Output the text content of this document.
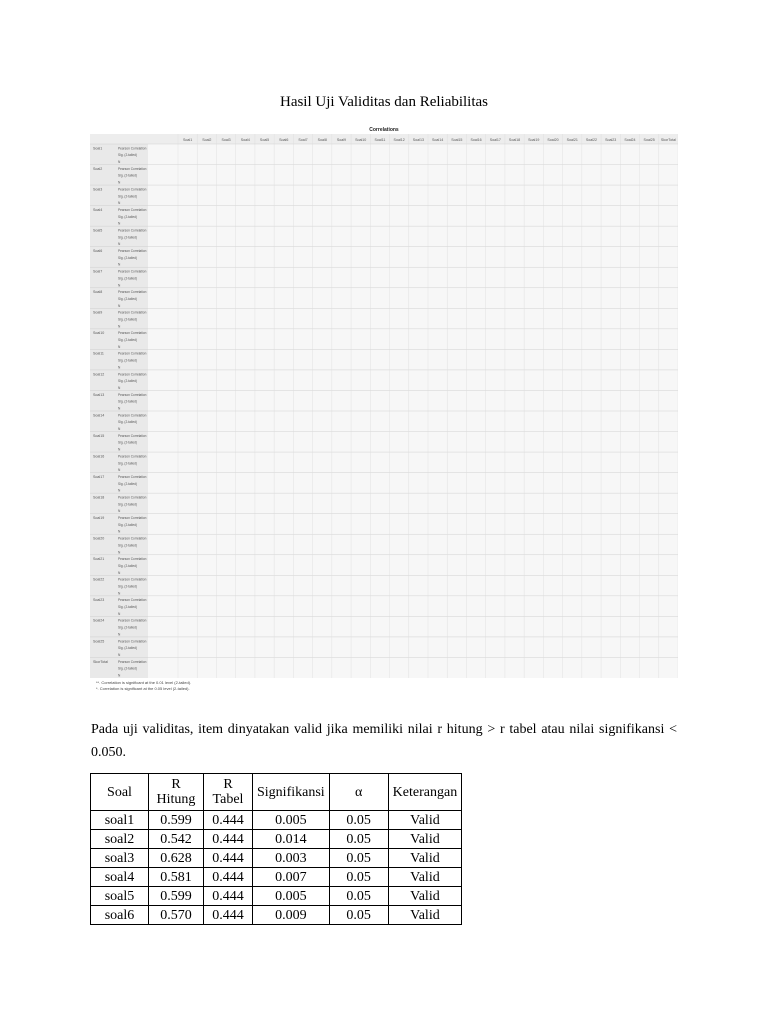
Hasil Uji Validitas dan Reliabilitas
Correlations
Soal1	Soal2	Soal3	Soal4	Soal5	Soal6	Soal7	Soal8	Soal9	Soal10 Soal11 Soal12 Soal13 Soal14 Soal15 Soal16 Soal17 Soal18 Soal19 Soal20 Soal21 Soal22 Soal23 Soal24 Soal25 SkorTotal
Soal1	Pearson Correlation
Sig. (2-tailed)
N
Soal2	Pearson Correlation
Sig. (2-tailed)
N
Soal3	Pearson Correlation
Sig. (2-tailed)
N
Soal4	Pearson Correlation
Sig. (2-tailed)
N
Soal5	Pearson Correlation
Sig. (2-tailed)
N
Soal6	Pearson Correlation
Sig. (2-tailed)
N
Soal7	Pearson Correlation
Sig. (2-tailed)
N
Soal8	Pearson Correlation
Sig. (2-tailed)
N
Soal9	Pearson Correlation
Sig. (2-tailed)
N
Soal10	Pearson Correlation
Sig. (2-tailed)
N
Soal11	Pearson Correlation
Sig. (2-tailed)
N
Soal12	Pearson Correlation
Sig. (2-tailed)
N
Soal13	Pearson Correlation
Sig. (2-tailed)
N
Soal14	Pearson Correlation
Sig. (2-tailed)
N
Soal15	Pearson Correlation
Sig. (2-tailed)
N
Soal16	Pearson Correlation
Sig. (2-tailed)
N
Soal17	Pearson Correlation
Sig. (2-tailed)
N
Soal18	Pearson Correlation
Sig. (2-tailed)
N
Soal19	Pearson Correlation
Sig. (2-tailed)
N
Soal20	Pearson Correlation
Sig. (2-tailed)
N
Soal21	Pearson Correlation
Sig. (2-tailed)
N
Soal22	Pearson Correlation
Sig. (2-tailed)
N
Soal23	Pearson Correlation
Sig. (2-tailed)
N
Soal24	Pearson Correlation
Sig. (2-tailed)
N
Soal25	Pearson Correlation
Sig. (2-tailed)
N
SkorTotal	Pearson Correlation
Sig. (2-tailed)
N
**. Correlation is significant at the 0.01 level (2-tailed).
*. Correlation is significant at the 0.05 level (2-tailed).
Pada uji validitas, item dinyatakan valid jika memiliki nilai r hitung > r tabel atau nilai signifikansi < 0.050.
Soal	R Hitung	R Tabel	Signifikansi	α	Keterangan
soal1	0.599	0.444	0.005	0.05	Valid
soal2	0.542	0.444	0.014	0.05	Valid
soal3	0.628	0.444	0.003	0.05	Valid
soal4	0.581	0.444	0.007	0.05	Valid
soal5	0.599	0.444	0.005	0.05	Valid
soal6	0.570	0.444	0.009	0.05	Valid
